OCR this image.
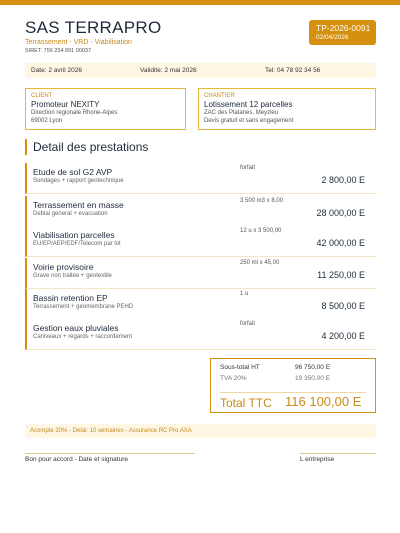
SAS TERRAPRO
Terrassement - VRD - Viabilisation
SIRET: 756 234 891 00037
TP-2026-0091
02/04/2026
Date: 2 avril 2026	Validite: 2 mai 2026	Tel: 04 78 92 34 56
CLIENT
Promoteur NEXITY
Direction regionale Rhone-Alpes
69002 Lyon
CHANTIER
Lotissement 12 parcelles
ZAC des Platanes, Meyzieu
Devis gratuit et sans engagement
Detail des prestations
Etude de sol G2 AVP
Sondages + rapport geotechnique
forfait
2 800,00 E
Terrassement en masse
Deblai general + evacuation
3 500 m3 x 8,00
28 000,00 E
Viabilisation parcelles
EU/EP/AEP/EDF/Telecom par lot
12 u x 3 500,00
42 000,00 E
Voirie provisoire
Grave non traitee + geotextile
250 ml x 45,00
11 250,00 E
Bassin retention EP
Terrassement + geomembrane PEHD
1 u
8 500,00 E
Gestion eaux pluviales
Caniveaux + regards + raccordement
forfait
4 200,00 E
Sous-total HT	96 750,00 E
TVA 20%	19 350,00 E
Total TTC 116 100,00 E
Acompte 20% - Delai: 10 semaines - Assurance RC Pro AXA
Bon pour accord - Date et signature	L entreprise
